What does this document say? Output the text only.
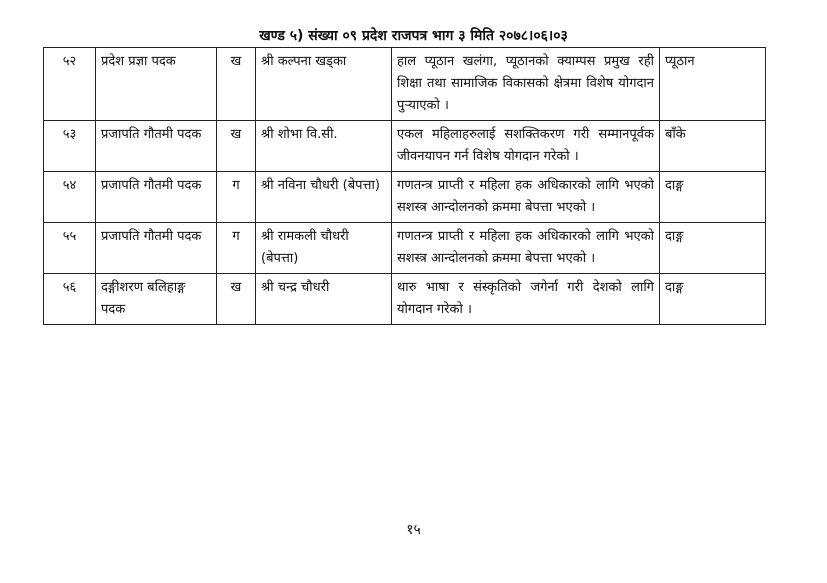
खण्ड ५) संख्या ०९ प्रदेश राजपत्र भाग ३ मिति २०७८।०६।०३
५२	प्रदेश प्रज्ञा पदक	ख	श्री कल्पना खड्का	हाल प्यूठान खलंगा, प्यूठानको क्याम्पस प्रमुख रही शिक्षा तथा सामाजिक विकासको क्षेत्रमा विशेष योगदान पुर्‍याएको ।	प्यूठान
५३	प्रजापति गौतमी पदक	ख	श्री शोभा वि.सी.	एकल महिलाहरुलाई सशक्तिकरण गरी सम्मानपूर्वक जीवनयापन गर्न विशेष योगदान गरेको ।	बाँके
५४	प्रजापति गौतमी पदक	ग	श्री नविना चौधरी (बेपत्ता)	गणतन्त्र प्राप्ती र महिला हक अधिकारको लागि भएको सशस्त्र आन्दोलनको क्रममा बेपत्ता भएको ।	दाङ्ग
५५	प्रजापति गौतमी पदक	ग	श्री रामकली चौधरी (बेपत्ता)	गणतन्त्र प्राप्ती र महिला हक अधिकारको लागि भएको सशस्त्र आन्दोलनको क्रममा बेपत्ता भएको ।	दाङ्ग
५६	दङ्गीशरण बलिहाङ्ग पदक	ख	श्री चन्द्र चौधरी	थारु भाषा र संस्कृतिको जगेर्ना गरी देशको लागि योगदान गरेको ।	दाङ्ग
१५
